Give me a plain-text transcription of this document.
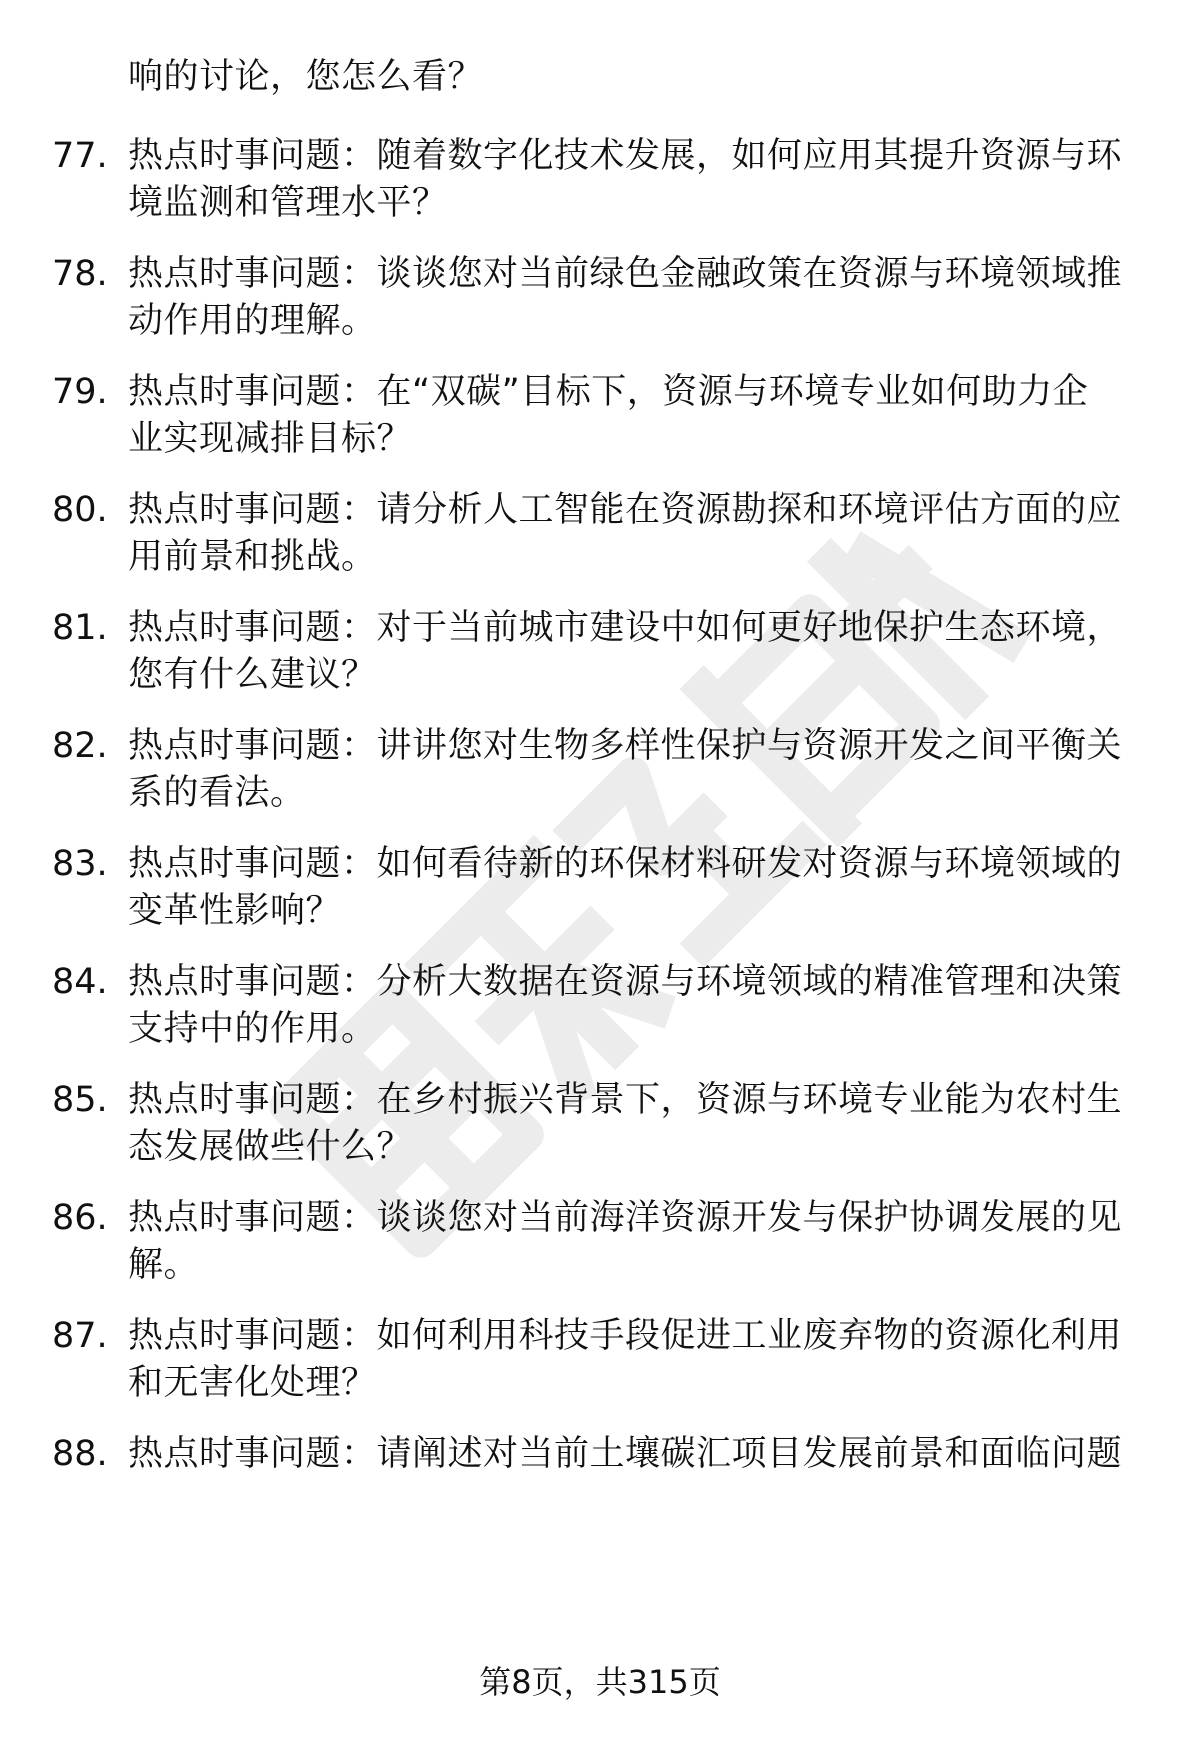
响的讨论，您怎么看？
77. 热点时事问题：随着数字化技术发展，如何应用其提升资源与环
境监测和管理水平？
78. 热点时事问题：谈谈您对当前绿色金融政策在资源与环境领域推
动作用的理解。
79. 热点时事问题：在“双碳”目标下，资源与环境专业如何助力企
业实现减排目标？
80. 热点时事问题：请分析人工智能在资源勘探和环境评估方面的应
用前景和挑战。
81. 热点时事问题：对于当前城市建设中如何更好地保护生态环境，
您有什么建议？
82. 热点时事问题：讲讲您对生物多样性保护与资源开发之间平衡关
系的看法。
83. 热点时事问题：如何看待新的环保材料研发对资源与环境领域的
变革性影响？
84. 热点时事问题：分析大数据在资源与环境领域的精准管理和决策
支持中的作用。
85. 热点时事问题：在乡村振兴背景下，资源与环境专业能为农村生
态发展做些什么？
86. 热点时事问题：谈谈您对当前海洋资源开发与保护协调发展的见
解。
87. 热点时事问题：如何利用科技手段促进工业废弃物的资源化利用
和无害化处理？
88. 热点时事问题：请阐述对当前土壤碳汇项目发展前景和面临问题
第8页，共315页
